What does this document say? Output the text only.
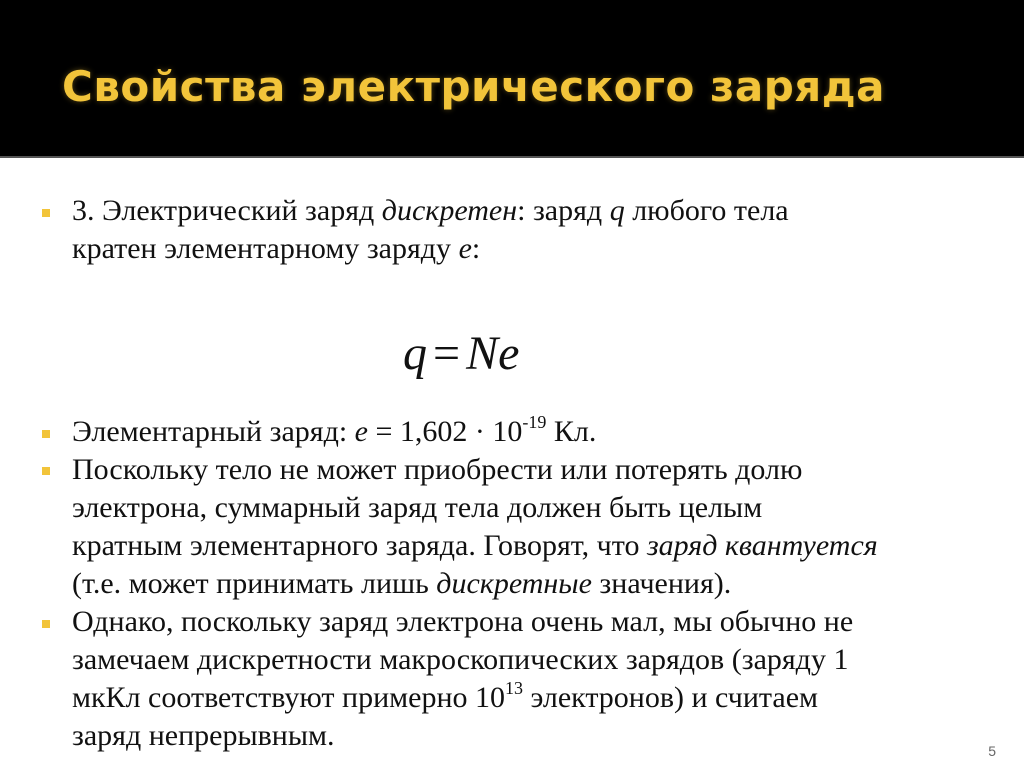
Свойства электрического заряда
3. Электрический заряд дискретен: заряд q любого тела
кратен элементарному заряду e:
q = Ne
Элементарный заряд: $e = 1,602 \cdot 10^{-19}$ Кл.
Поскольку тело не может приобрести или потерять долю
электрона, суммарный заряд тела должен быть целым
кратным элементарного заряда. Говорят, что заряд квантуется
(т.е. может принимать лишь дискретные значения).
Однако, поскольку заряд электрона очень мал, мы обычно не
замечаем дискретности макроскопических зарядов (заряду 1
мкКл соответствуют примерно $10^{13}$ электронов) и считаем
заряд непрерывным.	5
